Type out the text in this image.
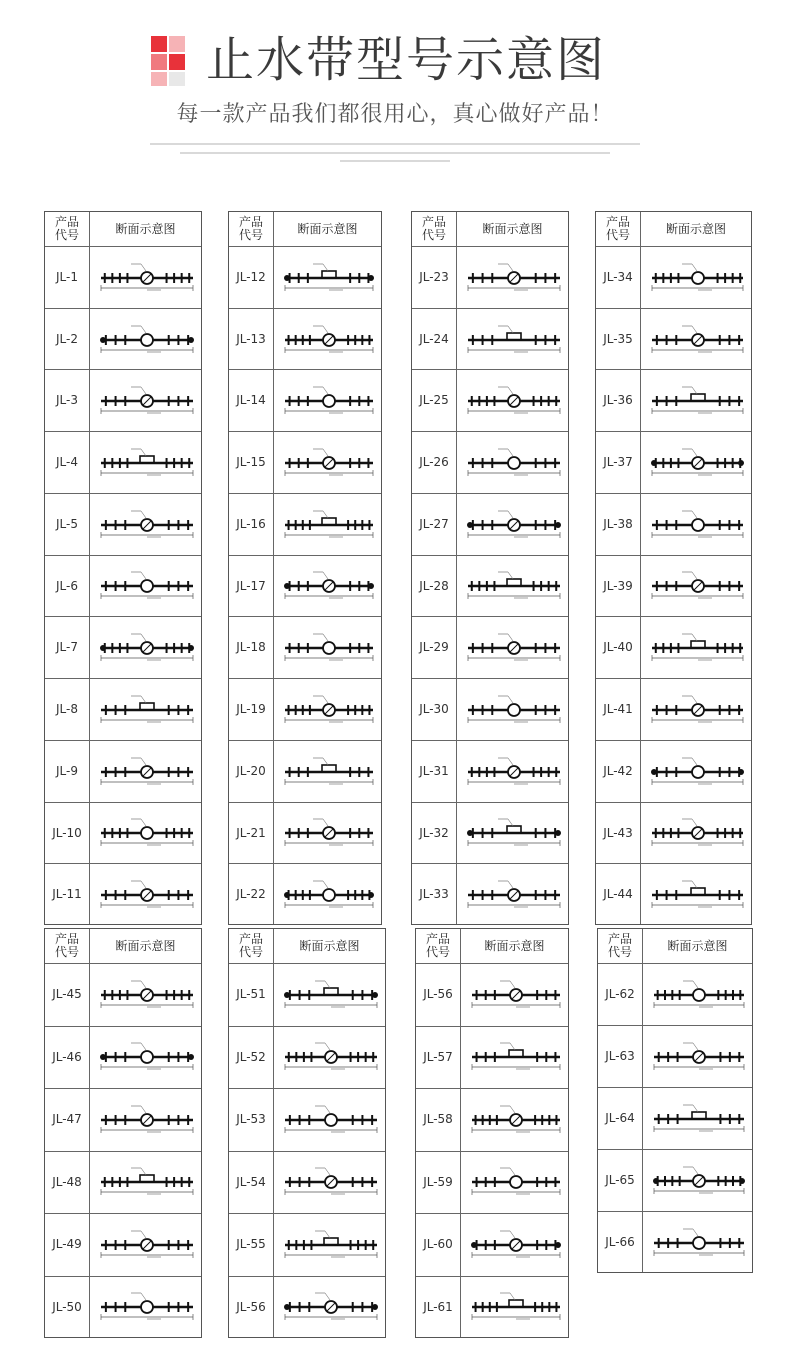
止水带型号示意图
每一款产品我们都很用心，真心做好产品！
产品
代号	断面示意图
JL-1
JL-2
JL-3
JL-4
JL-5
JL-6
JL-7
JL-8
JL-9
JL-10
JL-11
产品
代号	断面示意图
JL-12
JL-13
JL-14
JL-15
JL-16
JL-17
JL-18
JL-19
JL-20
JL-21
JL-22
产品
代号	断面示意图
JL-23
JL-24
JL-25
JL-26
JL-27
JL-28
JL-29
JL-30
JL-31
JL-32
JL-33
产品
代号	断面示意图
JL-34
JL-35
JL-36
JL-37
JL-38
JL-39
JL-40
JL-41
JL-42
JL-43
JL-44
产品
代号	断面示意图
JL-45
JL-46
JL-47
JL-48
JL-49
JL-50
产品
代号	断面示意图
JL-51
JL-52
JL-53
JL-54
JL-55
JL-56
产品
代号	断面示意图
JL-56
JL-57
JL-58
JL-59
JL-60
JL-61
产品
代号	断面示意图
JL-62
JL-63
JL-64
JL-65
JL-66
